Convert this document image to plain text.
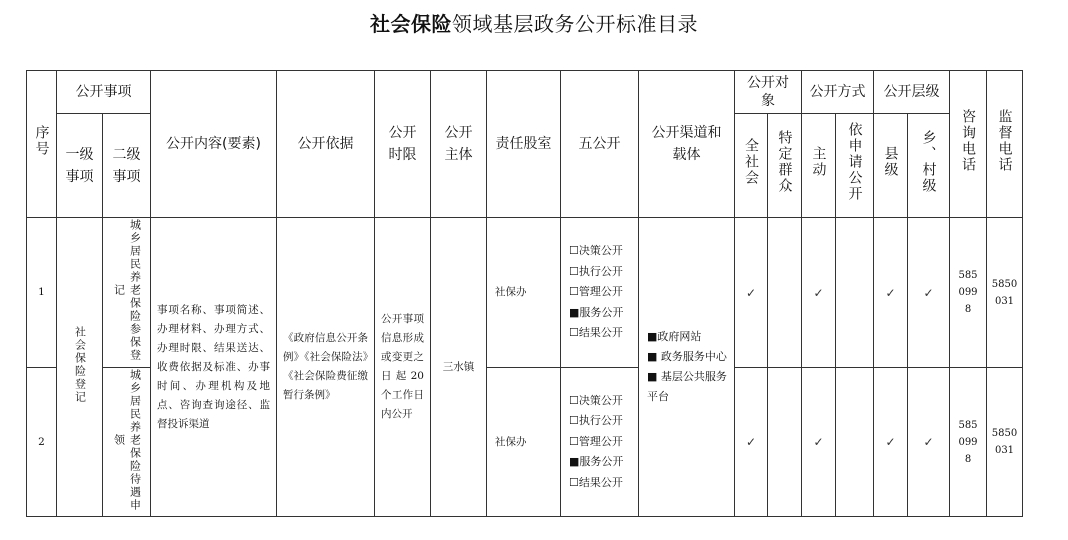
社会保险领域基层政务公开标准目录
序号	公开事项		公开内容(要素)	公开依据	公开时限	公开主体	责任股室	五公开	公开渠道和载体	公开对象		公开方式		公开层级		咨询电话	监督电话

	一级事项	二级事项								全社会	特定群众	主动	依申请公开	县级	乡、村级		
1	社会保险登记	城乡居民养老保险参保登记	事项名称、事项简述、办理材料、办理方式、办理时限、结果送达、收费依据及标准、办事时间、办理机构及地点、咨询查询途径、监督投诉渠道	《政府信息公开条例》《社会保险法》《社会保险费征缴暂行条例》	公开事项信息形成或变更之日起20个工作日内公开	三水镇	社保办	☐决策公开
☐执行公开
☐管理公开
■服务公开
☐结果公开	■政府网站
■ 政务服务中心
■ 基层公共服务平台	✓		✓		✓	✓	585
099
8	5850
031
2		城乡居民养老保险待遇申领					社保办	☐决策公开
☐执行公开
☐管理公开
■服务公开
☐结果公开		✓		✓		✓	✓	585
099
8	5850
031
